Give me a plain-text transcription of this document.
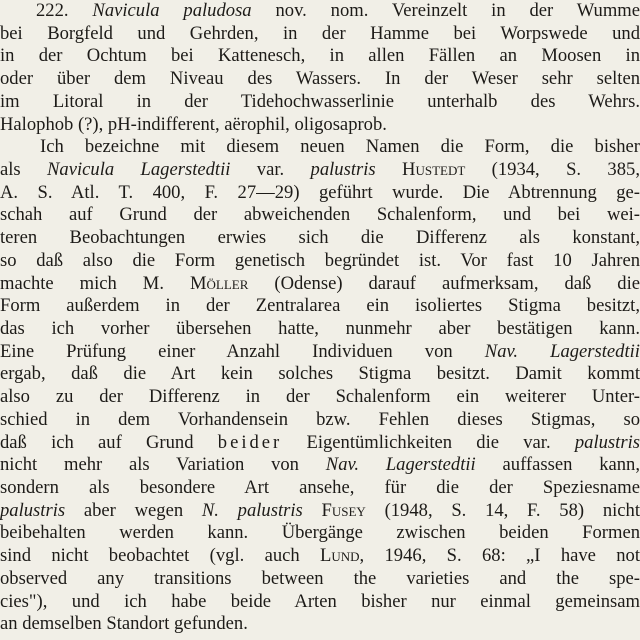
222. Navicula paludosa nov. nom. Vereinzelt in der Wumme
bei Borgfeld und Gehrden, in der Hamme bei Worpswede und
in der Ochtum bei Kattenesch, in allen Fällen an Moosen in
oder über dem Niveau des Wassers. In der Weser sehr selten
im Litoral in der Tidehochwasserlinie unterhalb des Wehrs.
Halophob (?), pH-indifferent, aërophil, oligosaprob.
Ich bezeichne mit diesem neuen Namen die Form, die bisher
als Navicula Lagerstedtii var. palustris Hustedt (1934, S. 385,
A. S. Atl. T. 400, F. 27—29) geführt wurde. Die Abtrennung ge-
schah auf Grund der abweichenden Schalenform, und bei wei-
teren Beobachtungen erwies sich die Differenz als konstant,
so daß also die Form genetisch begründet ist. Vor fast 10 Jahren
machte mich M. Möller (Odense) darauf aufmerksam, daß die
Form außerdem in der Zentralarea ein isoliertes Stigma besitzt,
das ich vorher übersehen hatte, nunmehr aber bestätigen kann.
Eine Prüfung einer Anzahl Individuen von Nav. Lagerstedtii
ergab, daß die Art kein solches Stigma besitzt. Damit kommt
also zu der Differenz in der Schalenform ein weiterer Unter-
schied in dem Vorhandensein bzw. Fehlen dieses Stigmas, so
daß ich auf Grund beider Eigentümlichkeiten die var. palustris
nicht mehr als Variation von Nav. Lagerstedtii auffassen kann,
sondern als besondere Art ansehe, für die der Speziesname
palustris aber wegen N. palustris Fusey (1948, S. 14, F. 58) nicht
beibehalten werden kann. Übergänge zwischen beiden Formen
sind nicht beobachtet (vgl. auch Lund, 1946, S. 68: „I have not
observed any transitions between the varieties and the spe-
cies"), und ich habe beide Arten bisher nur einmal gemeinsam
an demselben Standort gefunden.
